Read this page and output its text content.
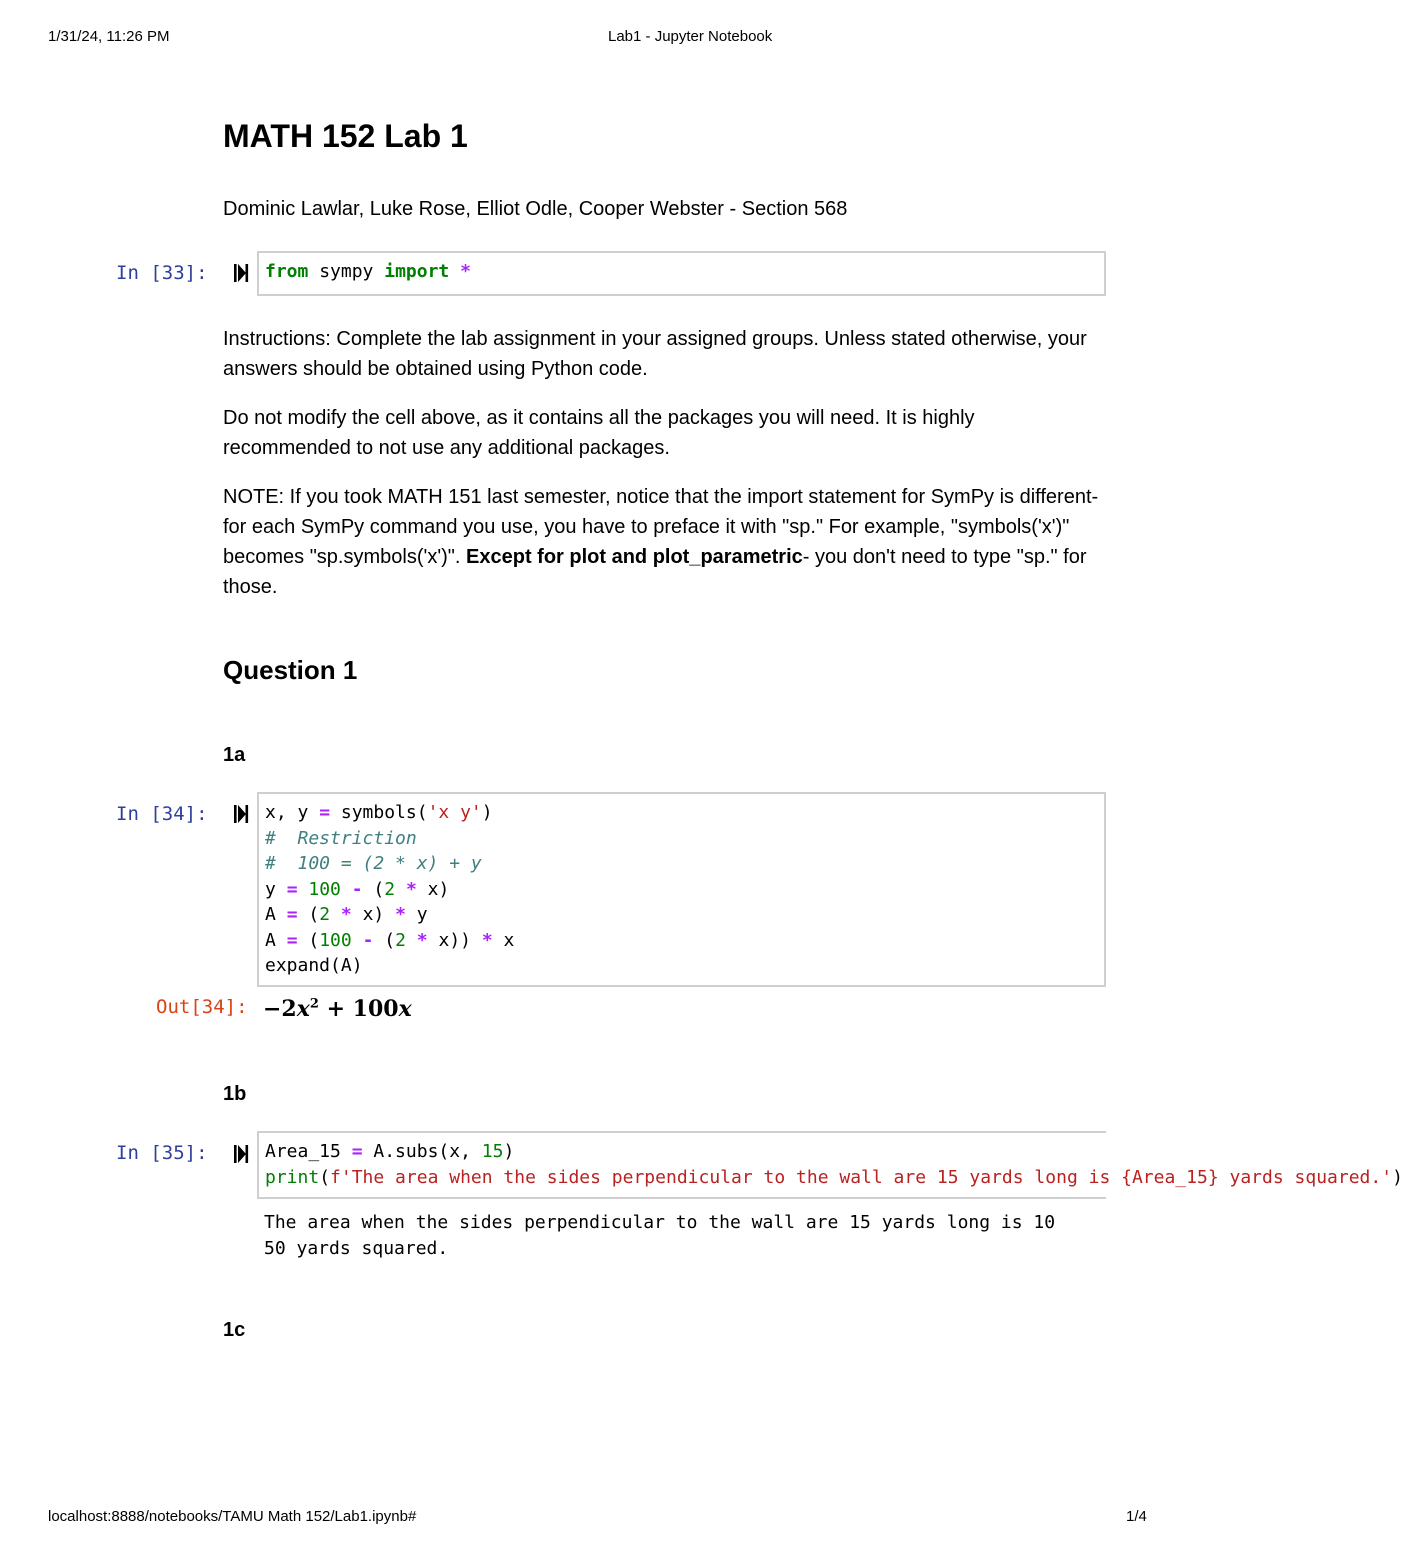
1/31/24, 11:26 PM	Lab1 - Jupyter Notebook
MATH 152 Lab 1
Dominic Lawlar, Luke Rose, Elliot Odle, Cooper Webster - Section 568
In [33]:	from sympy import *
Instructions: Complete the lab assignment in your assigned groups. Unless stated otherwise, your answers should be obtained using Python code.
Do not modify the cell above, as it contains all the packages you will need. It is highly recommended to not use any additional packages.
NOTE: If you took MATH 151 last semester, notice that the import statement for SymPy is different- for each SymPy command you use, you have to preface it with "sp." For example, "symbols('x')" becomes "sp.symbols('x')". Except for plot and plot_parametric- you don't need to type "sp." for those.
Question 1
1a
In [34]:	x, y = symbols('x y')
#  Restriction
#  100 = (2 * x) + y
y = 100 - (2 * x)
A = (2 * x) * y
A = (100 - (2 * x)) * x
expand(A)
Out[34]: $-2x^2 + 100x$
1b
In [35]:	Area_15 = A.subs(x, 15)
print(f'The area when the sides perpendicular to the wall are 15 yards long is {Area_15} yards squared.')
The area when the sides perpendicular to the wall are 15 yards long is 10
50 yards squared.
1c
localhost:8888/notebooks/TAMU Math 152/Lab1.ipynb#	1/4
